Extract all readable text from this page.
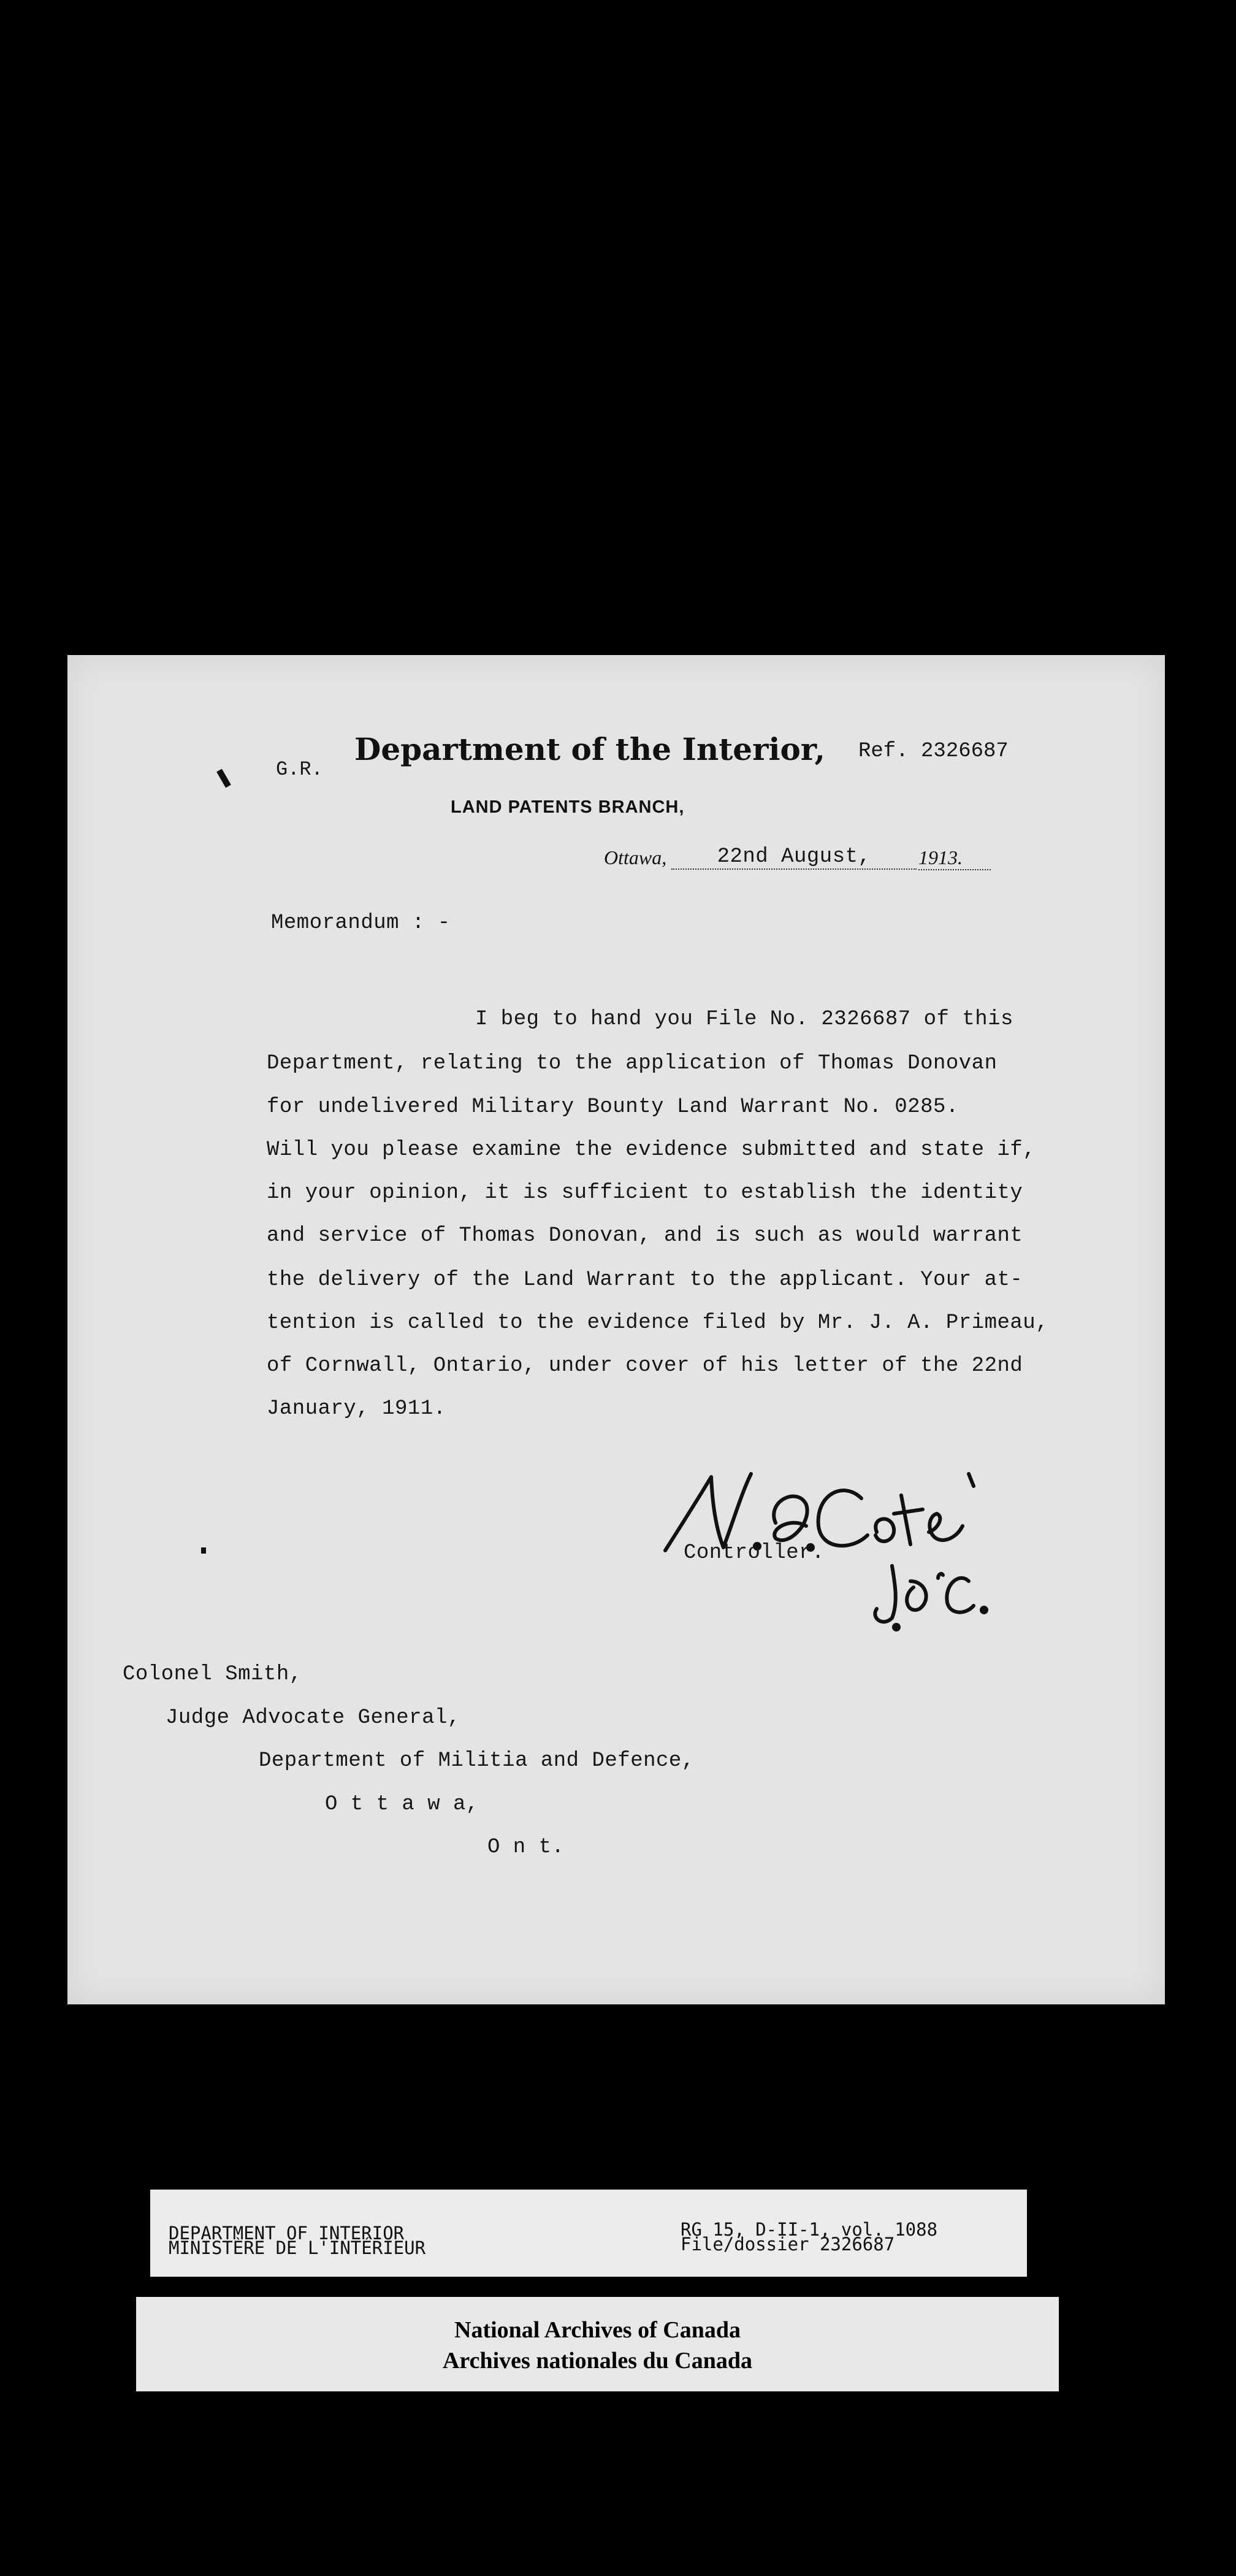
G.R.
Department of the Interior, Ref. 2326687
LAND PATENTS BRANCH,
Ottawa,	22nd August,	1913.
Memorandum : -
I beg to hand you File No. 2326687 of this
Department, relating to the application of Thomas Donovan
for undelivered Military Bounty Land Warrant No. 0285.
Will you please examine the evidence submitted and state if,
in your opinion, it is sufficient to establish the identity
and service of Thomas Donovan, and is such as would warrant
the delivery of the Land Warrant to the applicant. Your at-
tention is called to the evidence filed by Mr. J. A. Primeau,
of Cornwall, Ontario, under cover of his letter of the 22nd
January, 1911.
Controller.
Colonel Smith,
Judge Advocate General,
Department of Militia and Defence,
O t t a w a,
O n t.
DEPARTMENT OF INTERIOR
MINISTÈRE DE L'INTÉRIEUR
RG 15, D-II-1, vol. 1088
File/dossier 2326687
National Archives of Canada
Archives nationales du Canada
